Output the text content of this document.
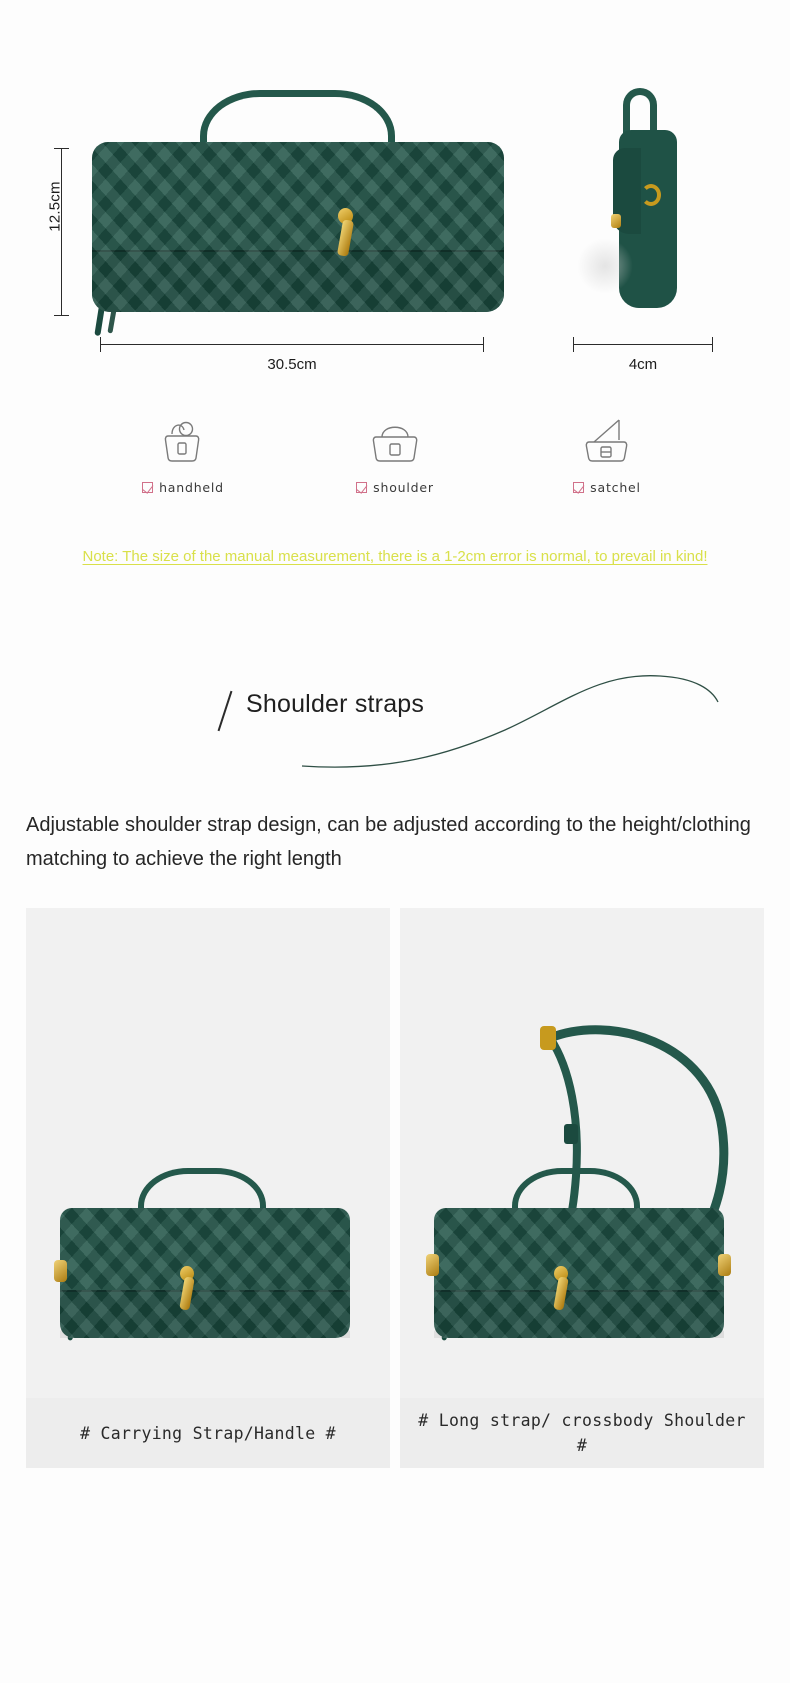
12.5cm
30.5cm	4cm
handheld	shoulder	satchel
Note: The size of the manual measurement, there is a 1-2cm error is normal, to prevail in kind!
Shoulder straps
Adjustable shoulder strap design, can be adjusted according to the height/clothing matching to achieve the right length
# Carrying Strap/Handle #
# Long strap/ crossbody Shoulder #
